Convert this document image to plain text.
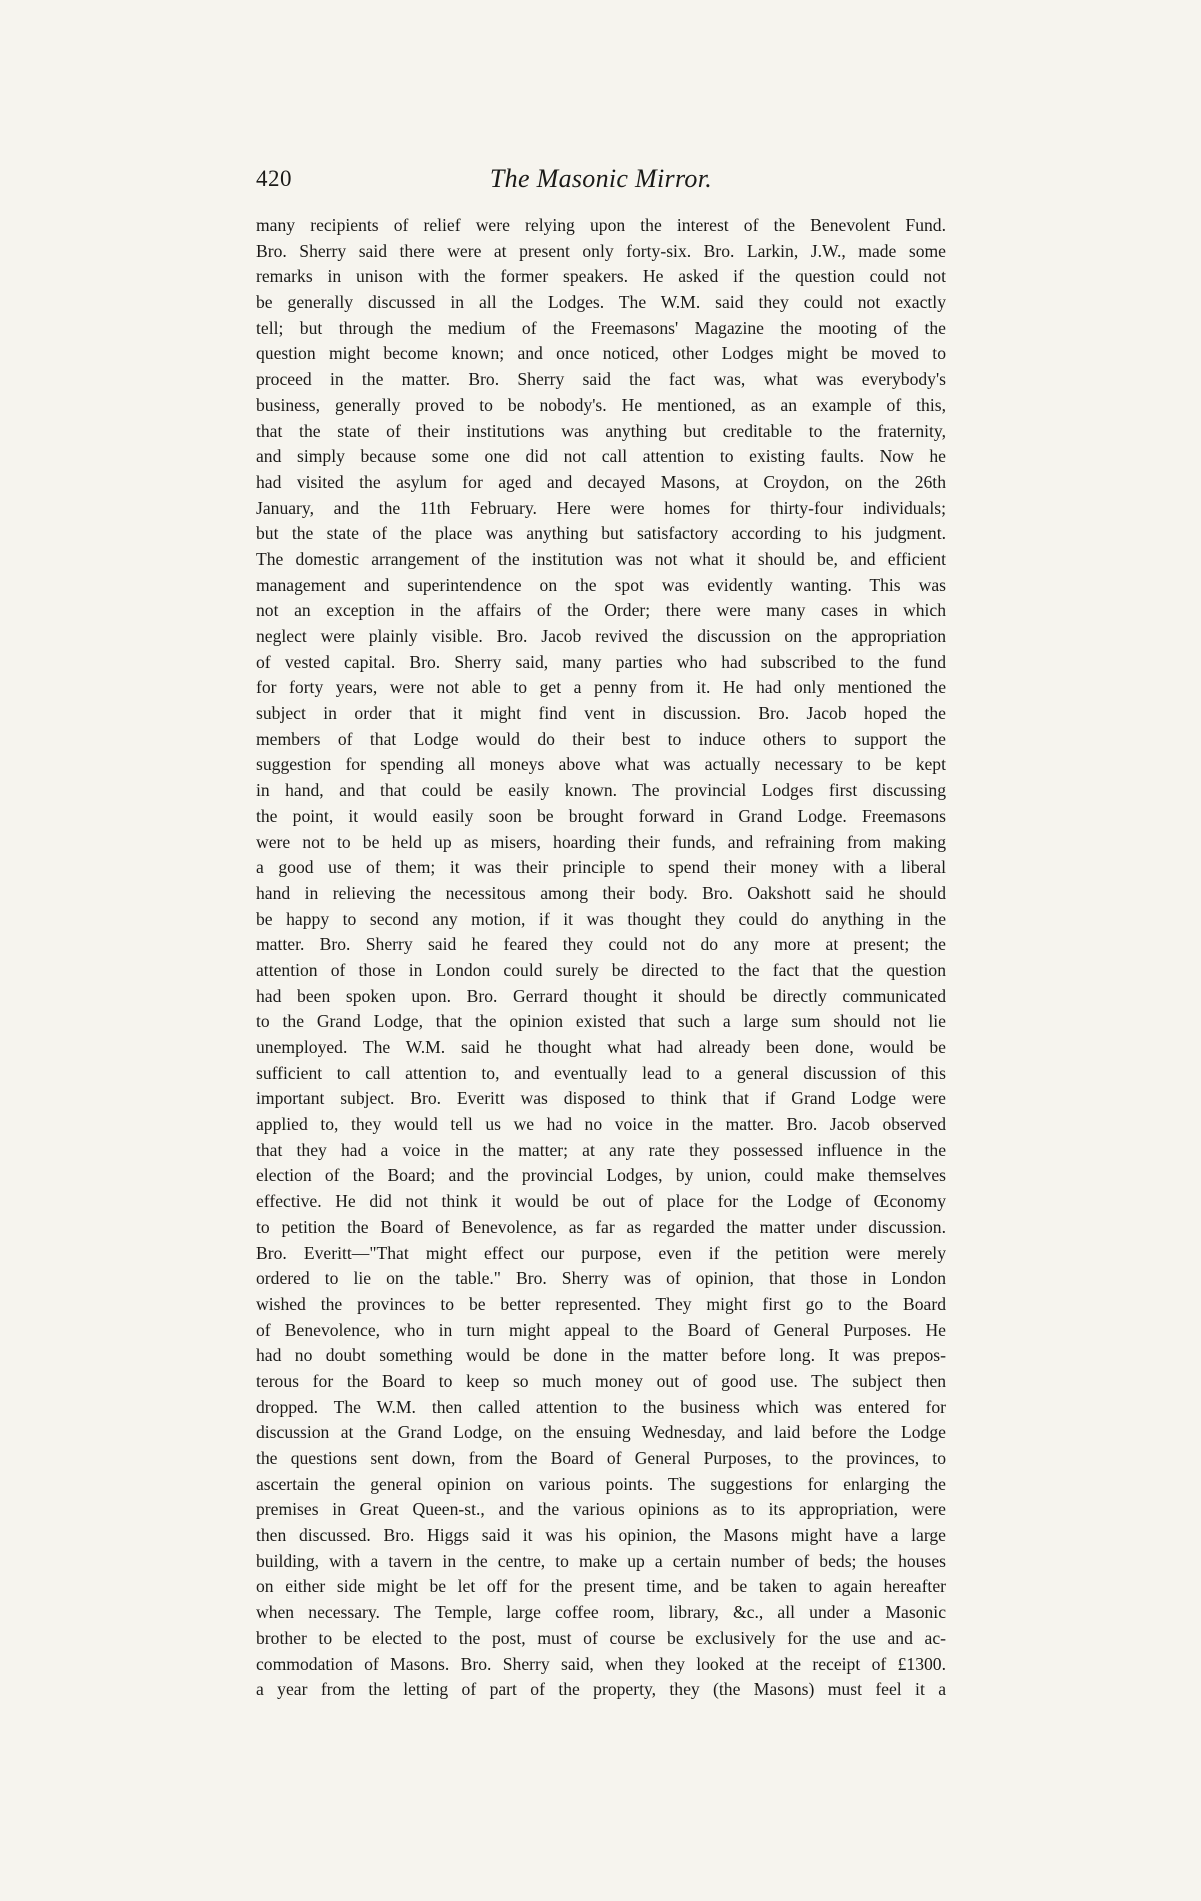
420	The Masonic Mirror.
many recipients of relief were relying upon the interest of the Benevolent Fund.
Bro. Sherry said there were at present only forty-six. Bro. Larkin, J.W., made some
remarks in unison with the former speakers. He asked if the question could not
be generally discussed in all the Lodges. The W.M. said they could not exactly
tell; but through the medium of the Freemasons' Magazine the mooting of the
question might become known; and once noticed, other Lodges might be moved to
proceed in the matter. Bro. Sherry said the fact was, what was everybody's
business, generally proved to be nobody's. He mentioned, as an example of this,
that the state of their institutions was anything but creditable to the fraternity,
and simply because some one did not call attention to existing faults. Now he
had visited the asylum for aged and decayed Masons, at Croydon, on the 26th
January, and the 11th February. Here were homes for thirty-four individuals;
but the state of the place was anything but satisfactory according to his judgment.
The domestic arrangement of the institution was not what it should be, and efficient
management and superintendence on the spot was evidently wanting. This was
not an exception in the affairs of the Order; there were many cases in which
neglect were plainly visible. Bro. Jacob revived the discussion on the appropriation
of vested capital. Bro. Sherry said, many parties who had subscribed to the fund
for forty years, were not able to get a penny from it. He had only mentioned the
subject in order that it might find vent in discussion. Bro. Jacob hoped the
members of that Lodge would do their best to induce others to support the
suggestion for spending all moneys above what was actually necessary to be kept
in hand, and that could be easily known. The provincial Lodges first discussing
the point, it would easily soon be brought forward in Grand Lodge. Freemasons
were not to be held up as misers, hoarding their funds, and refraining from making
a good use of them; it was their principle to spend their money with a liberal
hand in relieving the necessitous among their body. Bro. Oakshott said he should
be happy to second any motion, if it was thought they could do anything in the
matter. Bro. Sherry said he feared they could not do any more at present; the
attention of those in London could surely be directed to the fact that the question
had been spoken upon. Bro. Gerrard thought it should be directly communicated
to the Grand Lodge, that the opinion existed that such a large sum should not lie
unemployed. The W.M. said he thought what had already been done, would be
sufficient to call attention to, and eventually lead to a general discussion of this
important subject. Bro. Everitt was disposed to think that if Grand Lodge were
applied to, they would tell us we had no voice in the matter. Bro. Jacob observed
that they had a voice in the matter; at any rate they possessed influence in the
election of the Board; and the provincial Lodges, by union, could make themselves
effective. He did not think it would be out of place for the Lodge of Œconomy
to petition the Board of Benevolence, as far as regarded the matter under discussion.
Bro. Everitt—"That might effect our purpose, even if the petition were merely
ordered to lie on the table." Bro. Sherry was of opinion, that those in London
wished the provinces to be better represented. They might first go to the Board
of Benevolence, who in turn might appeal to the Board of General Purposes. He
had no doubt something would be done in the matter before long. It was prepos-
terous for the Board to keep so much money out of good use. The subject then
dropped. The W.M. then called attention to the business which was entered for
discussion at the Grand Lodge, on the ensuing Wednesday, and laid before the Lodge
the questions sent down, from the Board of General Purposes, to the provinces, to
ascertain the general opinion on various points. The suggestions for enlarging the
premises in Great Queen-st., and the various opinions as to its appropriation, were
then discussed. Bro. Higgs said it was his opinion, the Masons might have a large
building, with a tavern in the centre, to make up a certain number of beds; the houses
on either side might be let off for the present time, and be taken to again hereafter
when necessary. The Temple, large coffee room, library, &c., all under a Masonic
brother to be elected to the post, must of course be exclusively for the use and ac-
commodation of Masons. Bro. Sherry said, when they looked at the receipt of £1300.
a year from the letting of part of the property, they (the Masons) must feel it a
